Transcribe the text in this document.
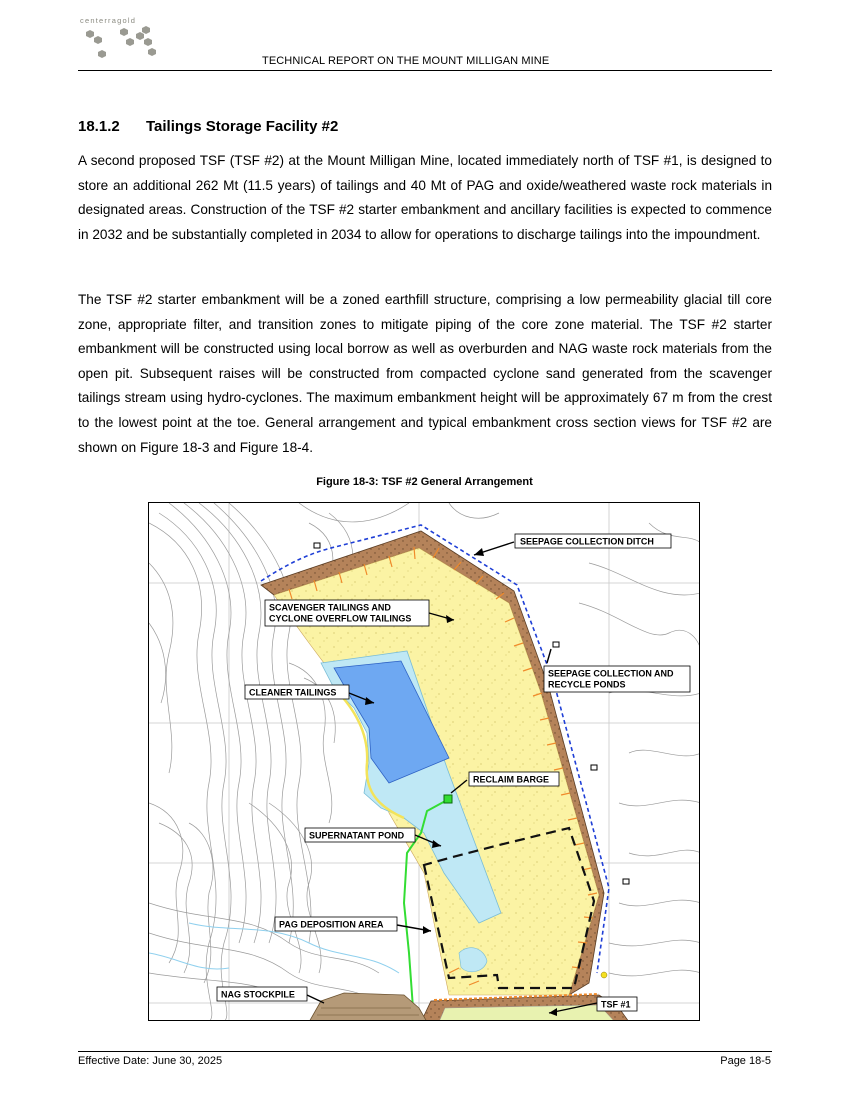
centerragold
TECHNICAL REPORT ON THE MOUNT MILLIGAN MINE
18.1.2 Tailings Storage Facility #2

A second proposed TSF (TSF #2) at the Mount Milligan Mine, located immediately north of TSF #1, is designed to store an additional 262 Mt (11.5 years) of tailings and 40 Mt of PAG and oxide/weathered waste rock materials in designated areas. Construction of the TSF #2 starter embankment and ancillary facilities is expected to commence in 2032 and be substantially completed in 2034 to allow for operations to discharge tailings into the impoundment.

The TSF #2 starter embankment will be a zoned earthfill structure, comprising a low permeability glacial till core zone, appropriate filter, and transition zones to mitigate piping of the core zone material. The TSF #2 starter embankment will be constructed using local borrow as well as overburden and NAG waste rock materials from the open pit. Subsequent raises will be constructed from compacted cyclone sand generated from the scavenger tailings stream using hydro-cyclones. The maximum embankment height will be approximately 67 m from the crest to the lowest point at the toe. General arrangement and typical embankment cross section views for TSF #2 are shown on Figure 18-3 and Figure 18-4.

Figure 18-3: TSF #2 General Arrangement
SEEPAGE COLLECTION DITCH
SCAVENGER TAILINGS AND
CYCLONE OVERFLOW TAILINGS
SEEPAGE COLLECTION AND
RECYCLE PONDS
CLEANER TAILINGS
RECLAIM BARGE
SUPERNATANT POND
PAG DEPOSITION AREA
NAG STOCKPILE
TSF #1
Effective Date: June 30, 2025	Page 18-5
